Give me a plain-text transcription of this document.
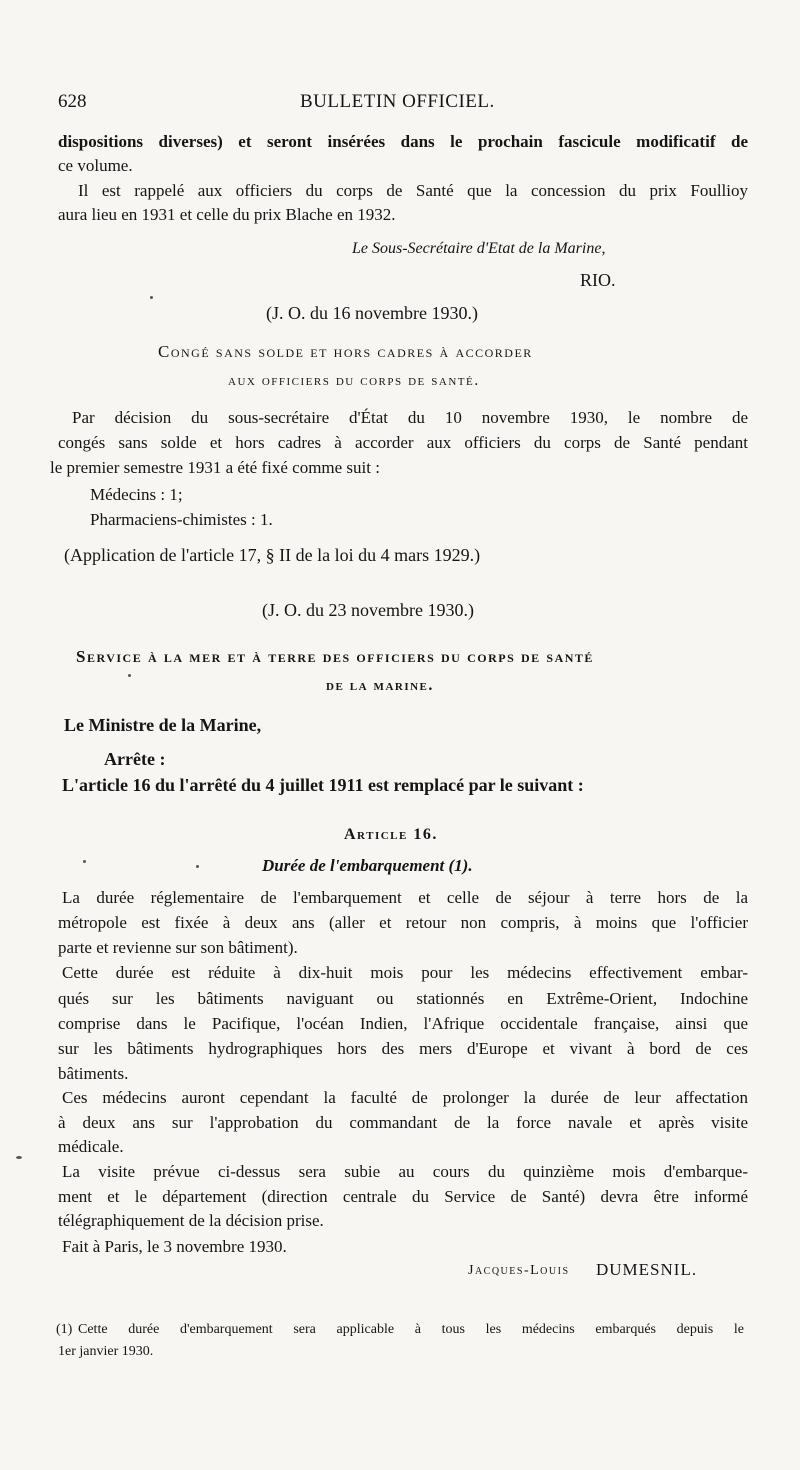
628	BULLETIN OFFICIEL.
dispositions diverses) et seront insérées dans le prochain fascicule modificatif de
ce volume.
Il est rappelé aux officiers du corps de Santé que la concession du prix Foullioy
aura lieu en 1931 et celle du prix Blache en 1932.
Le Sous-Secrétaire d'Etat de la Marine,
RIO.
(J. O. du 16 novembre 1930.)
Congé sans solde et hors cadres à accorder
aux officiers du corps de santé.
Par décision du sous-secrétaire d'État du 10 novembre 1930, le nombre de
congés sans solde et hors cadres à accorder aux officiers du corps de Santé pendant
le premier semestre 1931 a été fixé comme suit :
Médecins : 1;
Pharmaciens-chimistes : 1.
(Application de l'article 17, § II de la loi du 4 mars 1929.)
(J. O. du 23 novembre 1930.)
Service à la mer et à terre des officiers du corps de santé
de la marine.
Le Ministre de la Marine,
Arrête :
L'article 16 du l'arrêté du 4 juillet 1911 est remplacé par le suivant :
Article 16.
Durée de l'embarquement (1).
La durée réglementaire de l'embarquement et celle de séjour à terre hors de la
métropole est fixée à deux ans (aller et retour non compris, à moins que l'officier
parte et revienne sur son bâtiment).
Cette durée est réduite à dix-huit mois pour les médecins effectivement embar-
qués sur les bâtiments naviguant ou stationnés en Extrême-Orient, Indochine
comprise dans le Pacifique, l'océan Indien, l'Afrique occidentale française, ainsi que
sur les bâtiments hydrographiques hors des mers d'Europe et vivant à bord de ces
bâtiments.
Ces médecins auront cependant la faculté de prolonger la durée de leur affectation
à deux ans sur l'approbation du commandant de la force navale et après visite
médicale.
La visite prévue ci-dessus sera subie au cours du quinzième mois d'embarque-
ment et le département (direction centrale du Service de Santé) devra être informé
télégraphiquement de la décision prise.
Fait à Paris, le 3 novembre 1930.
Jacques-Louis DUMESNIL.
(1) Cette durée d'embarquement sera applicable à tous les médecins embarqués depuis le
1er janvier 1930.
